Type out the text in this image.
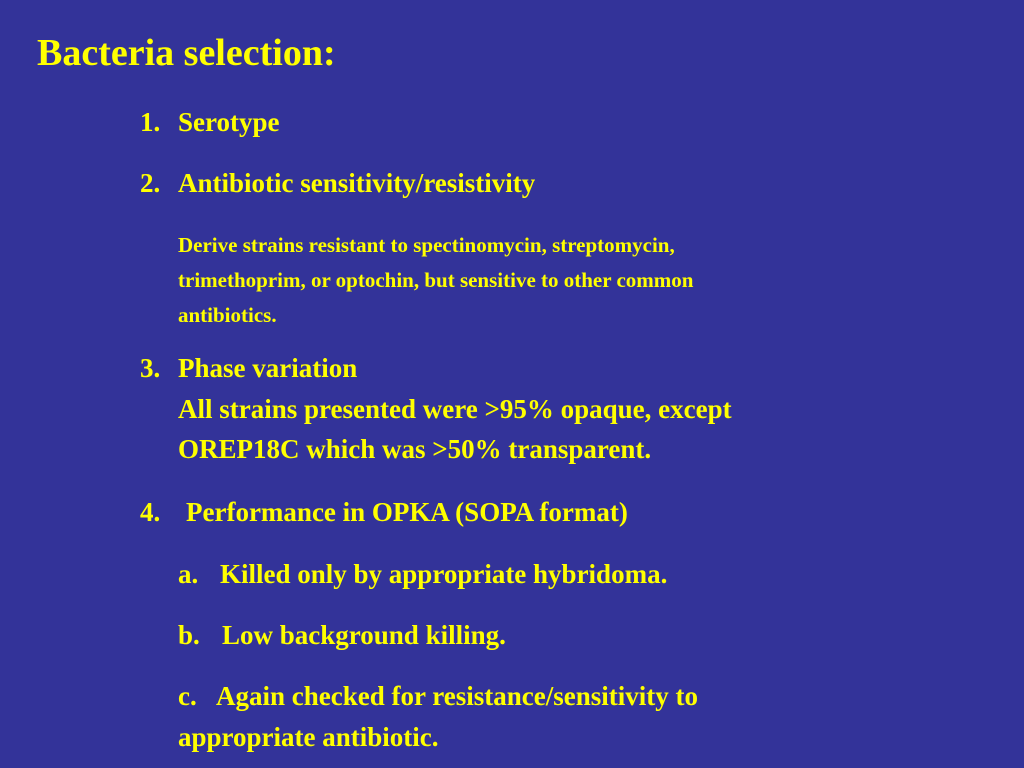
Bacteria selection:
1. Serotype
2. Antibiotic sensitivity/resistivity
Derive strains resistant to spectinomycin, streptomycin,
trimethoprim, or optochin, but sensitive to other common
antibiotics.
3. Phase variation
All strains presented were >95% opaque, except
OREP18C which was >50% transparent.
4. Performance in OPKA (SOPA format)
a. Killed only by appropriate hybridoma.
b. Low background killing.
c. Again checked for resistance/sensitivity to
appropriate antibiotic.
